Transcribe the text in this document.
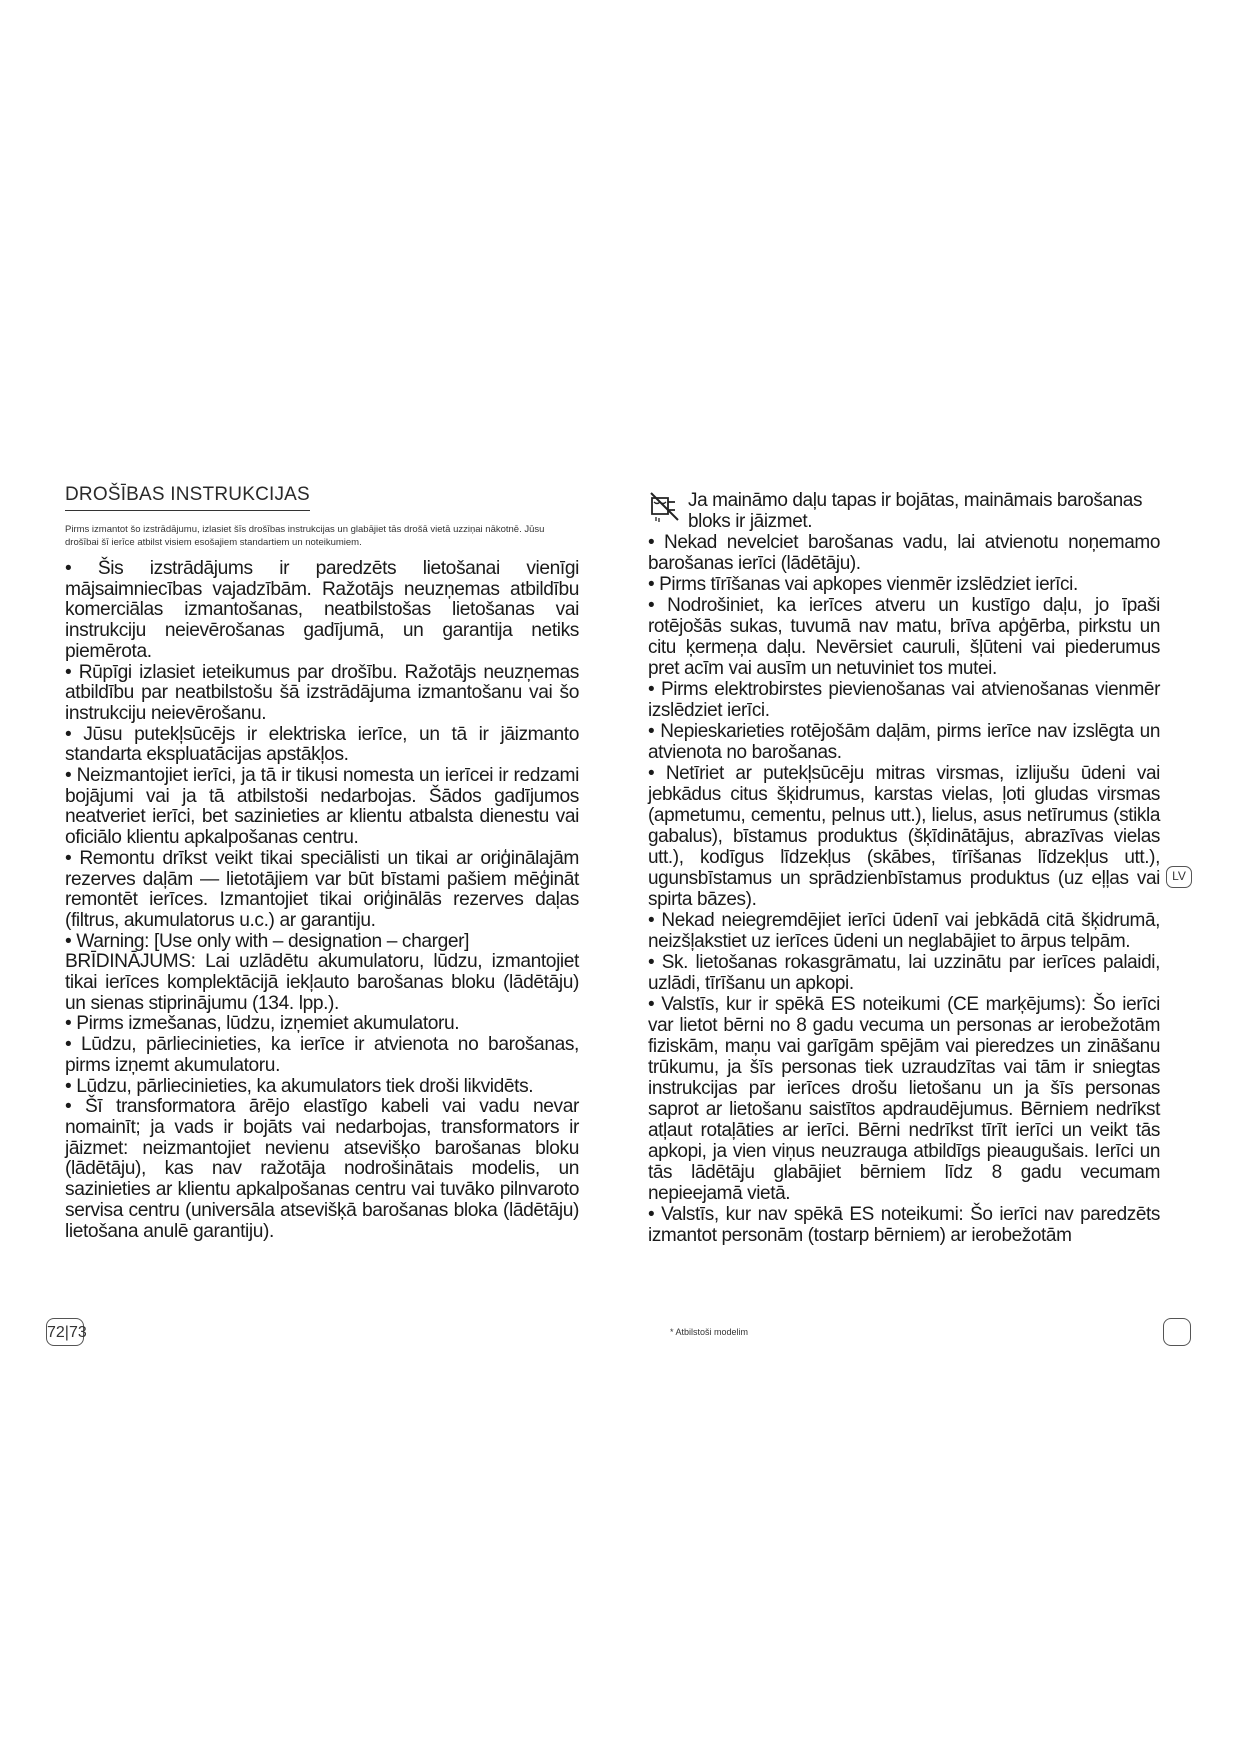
DROŠĪBAS INSTRUKCIJAS

Pirms izmantot šo izstrādājumu, izlasiet šīs drošības instrukcijas un glabājiet tās drošā vietā uzziņai nākotnē. Jūsu drošībai šī ierīce atbilst visiem esošajiem standartiem un noteikumiem.

• Šis izstrādājums ir paredzēts lietošanai vienīgi mājsaimniecības vajadzībām. Ražotājs neuzņemas atbildību komerciālas izmantošanas, neatbilstošas lietošanas vai instrukciju neievērošanas gadījumā, un garantija netiks piemērota.

• Rūpīgi izlasiet ieteikumus par drošību. Ražotājs neuzņemas atbildību par neatbilstošu šā izstrādājuma izmantošanu vai šo instrukciju neievērošanu.

• Jūsu putekļsūcējs ir elektriska ierīce, un tā ir jāizmanto standarta ekspluatācijas apstākļos.

• Neizmantojiet ierīci, ja tā ir tikusi nomesta un ierīcei ir redzami bojājumi vai ja tā atbilstoši nedarbojas. Šādos gadījumos neatveriet ierīci, bet sazinieties ar klientu atbalsta dienestu vai oficiālo klientu apkalpošanas centru.

• Remontu drīkst veikt tikai speciālisti un tikai ar oriģinālajām rezerves daļām — lietotājiem var būt bīstami pašiem mēģināt remontēt ierīces. Izmantojiet tikai oriģinālās rezerves daļas (filtrus, akumulatorus u.c.) ar garantiju.

• Warning: [Use only with – designation – charger]
BRĪDINĀJUMS: Lai uzlādētu akumulatoru, lūdzu, izmantojiet tikai ierīces komplektācijā iekļauto barošanas bloku (lādētāju) un sienas stiprinājumu (134. lpp.).

• Pirms izmešanas, lūdzu, izņemiet akumulatoru.

• Lūdzu, pārliecinieties, ka ierīce ir atvienota no barošanas, pirms izņemt akumulatoru.

• Lūdzu, pārliecinieties, ka akumulators tiek droši likvidēts.

• Šī transformatora ārējo elastīgo kabeli vai vadu nevar nomainīt; ja vads ir bojāts vai nedarbojas, transformators ir jāizmet: neizmantojiet nevienu atsevišķo barošanas bloku (lādētāju), kas nav ražotāja nodrošinātais modelis, un sazinieties ar klientu apkalpošanas centru vai tuvāko pilnvaroto servisa centru (universāla atsevišķā barošanas bloka (lādētāju) lietošana anulē garantiju).

72|73
Ja maināmo daļu tapas ir bojātas, maināmais barošanas bloks ir jāizmet.

• Nekad nevelciet barošanas vadu, lai atvienotu noņemamo barošanas ierīci (lādētāju).

• Pirms tīrīšanas vai apkopes vienmēr izslēdziet ierīci.

• Nodrošiniet, ka ierīces atveru un kustīgo daļu, jo īpaši rotējošās sukas, tuvumā nav matu, brīva apģērba, pirkstu un citu ķermeņa daļu. Nevērsiet cauruli, šļūteni vai piederumus pret acīm vai ausīm un netuviniet tos mutei.

• Pirms elektrobirstes pievienošanas vai atvienošanas vienmēr izslēdziet ierīci.

• Nepieskarieties rotējošām daļām, pirms ierīce nav izslēgta un atvienota no barošanas.

• Netīriet ar putekļsūcēju mitras virsmas, izlijušu ūdeni vai jebkādus citus šķidrumus, karstas vielas, ļoti gludas virsmas (apmetumu, cementu, pelnus utt.), lielus, asus netīrumus (stikla gabalus), bīstamus produktus (šķīdinātājus, abrazīvas vielas utt.), kodīgus līdzekļus (skābes, tīrīšanas līdzekļus utt.), ugunsbīstamus un sprādzienbīstamus produktus (uz eļļas vai spirta bāzes).

• Nekad neiegremdējiet ierīci ūdenī vai jebkādā citā šķidrumā, neizšļakstiet uz ierīces ūdeni un neglabājiet to ārpus telpām.

• Sk. lietošanas rokasgrāmatu, lai uzzinātu par ierīces palaidi, uzlādi, tīrīšanu un apkopi.

• Valstīs, kur ir spēkā ES noteikumi (CE marķējums): Šo ierīci var lietot bērni no 8 gadu vecuma un personas ar ierobežotām fiziskām, maņu vai garīgām spējām vai pieredzes un zināšanu trūkumu, ja šīs personas tiek uzraudzītas vai tām ir sniegtas instrukcijas par ierīces drošu lietošanu un ja šīs personas saprot ar lietošanu saistītos apdraudējumus. Bērniem nedrīkst atļaut rotaļāties ar ierīci. Bērni nedrīkst tīrīt ierīci un veikt tās apkopi, ja vien viņus neuzrauga atbildīgs pieaugušais. Ierīci un tās lādētāju glabājiet bērniem līdz 8 gadu vecumam nepieejamā vietā.

• Valstīs, kur nav spēkā ES noteikumi: Šo ierīci nav paredzēts izmantot personām (tostarp bērniem) ar ierobežotām

LV
* Atbilstoši modelim
